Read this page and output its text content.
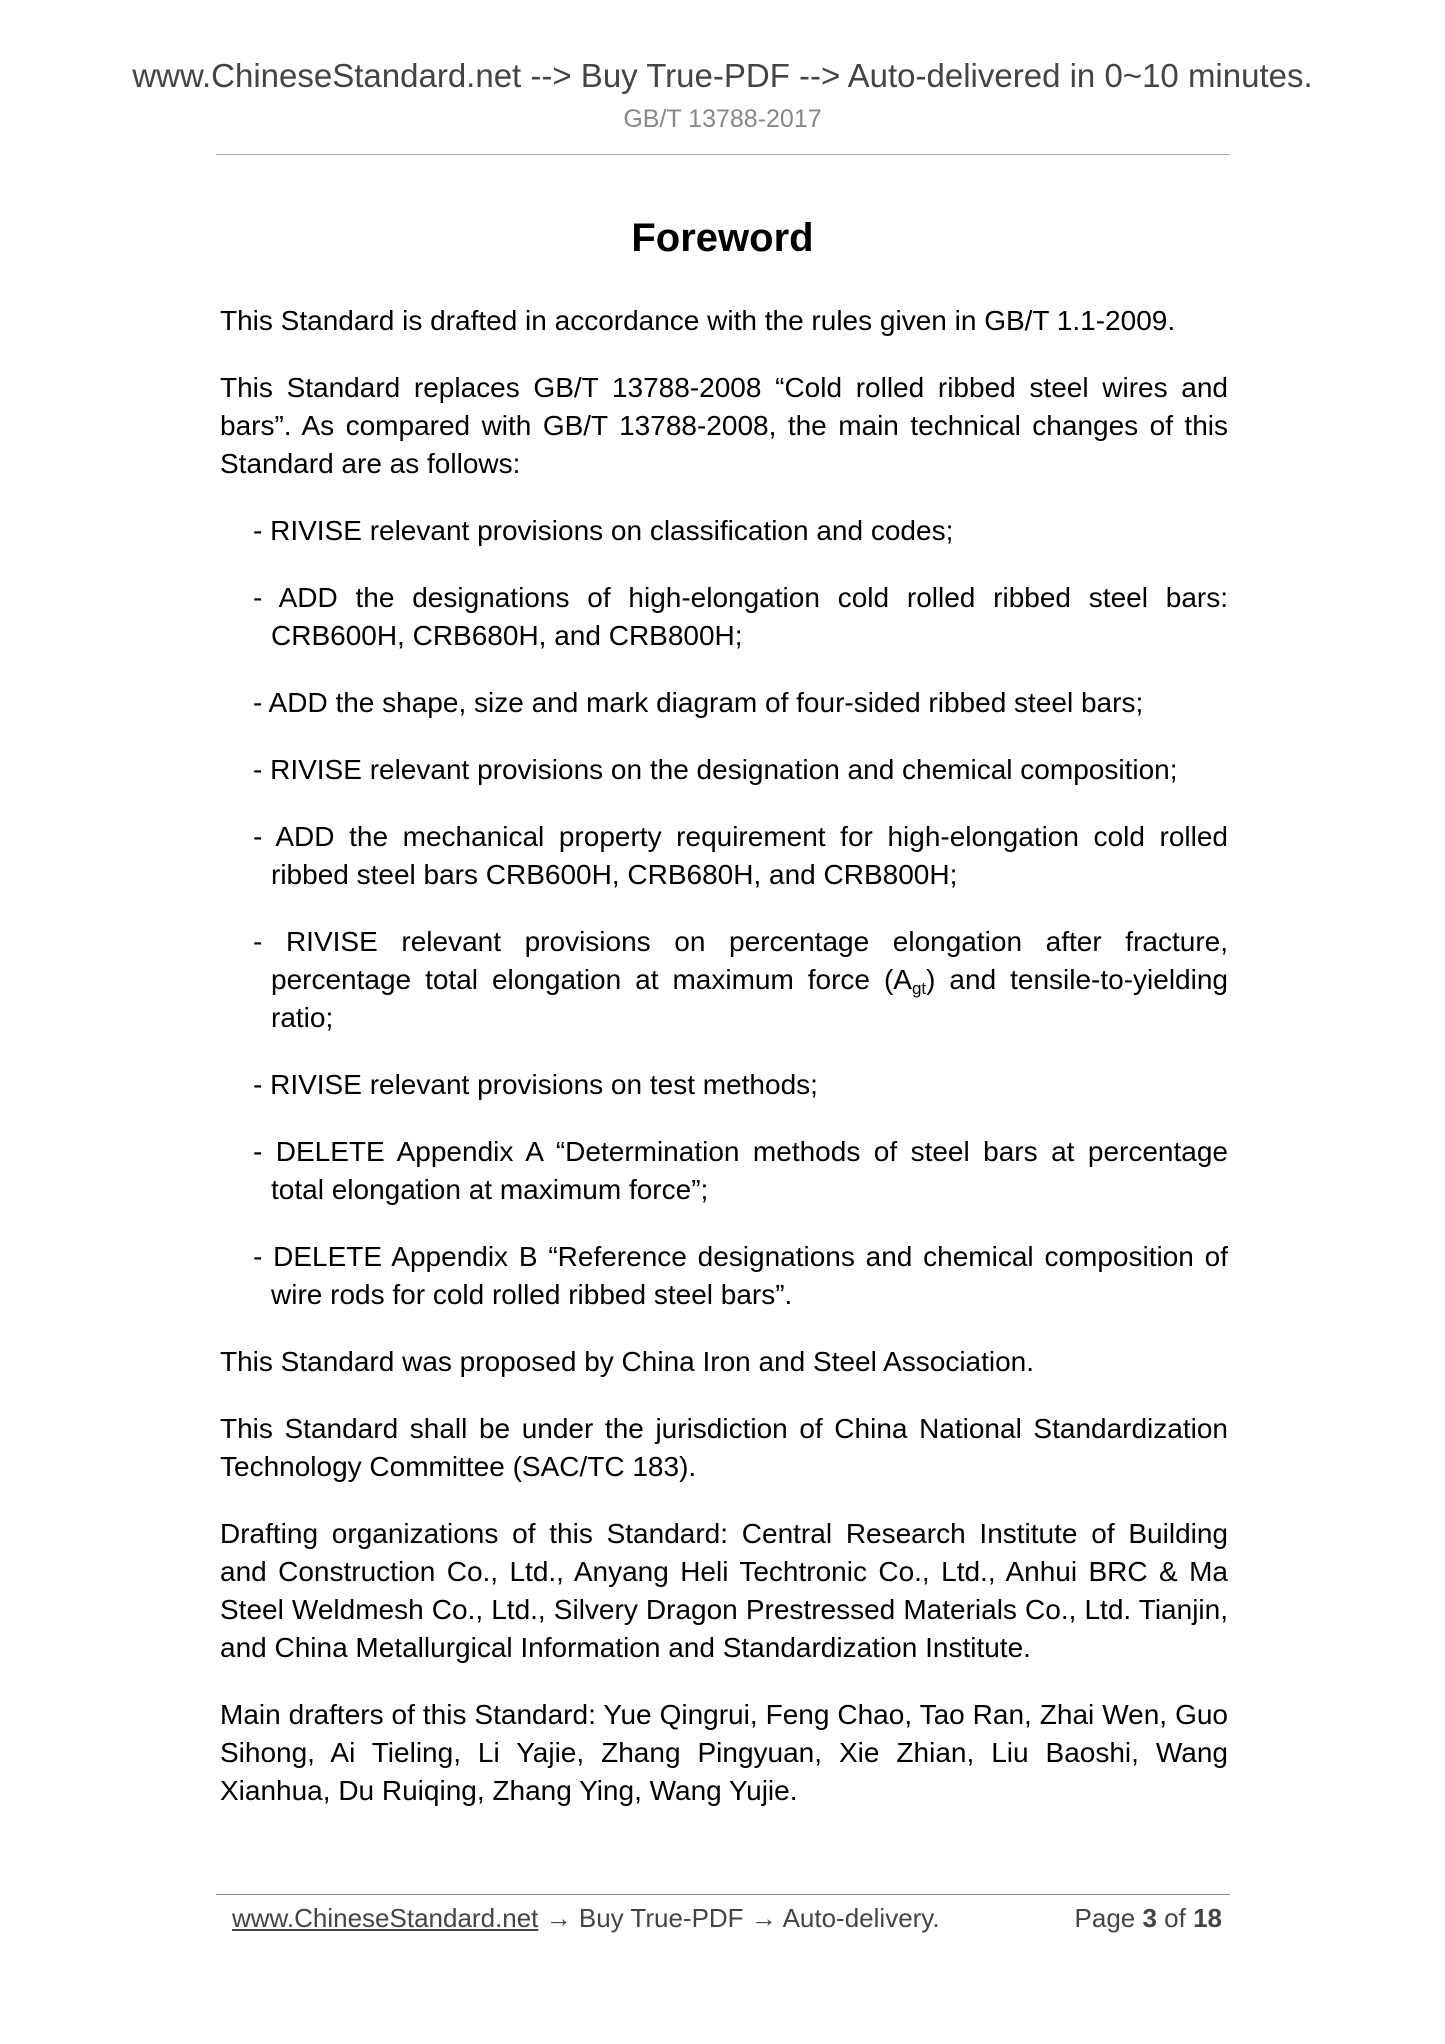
www.ChineseStandard.net --> Buy True-PDF --> Auto-delivered in 0~10 minutes.
GB/T 13788-2017
Foreword

This Standard is drafted in accordance with the rules given in GB/T 1.1-2009.

This Standard replaces GB/T 13788-2008 “Cold rolled ribbed steel wires and bars”. As compared with GB/T 13788-2008, the main technical changes of this Standard are as follows:

- RIVISE relevant provisions on classification and codes;
- ADD the designations of high-elongation cold rolled ribbed steel bars: CRB600H, CRB680H, and CRB800H;
- ADD the shape, size and mark diagram of four-sided ribbed steel bars;
- RIVISE relevant provisions on the designation and chemical composition;
- ADD the mechanical property requirement for high-elongation cold rolled ribbed steel bars CRB600H, CRB680H, and CRB800H;
- RIVISE relevant provisions on percentage elongation after fracture, percentage total elongation at maximum force $(A_{gt})$ and tensile-to-yielding ratio;
- RIVISE relevant provisions on test methods;
- DELETE Appendix A “Determination methods of steel bars at percentage total elongation at maximum force”;
- DELETE Appendix B “Reference designations and chemical composition of wire rods for cold rolled ribbed steel bars”.

This Standard was proposed by China Iron and Steel Association.

This Standard shall be under the jurisdiction of China National Standardization Technology Committee (SAC/TC 183).

Drafting organizations of this Standard: Central Research Institute of Building and Construction Co., Ltd., Anyang Heli Techtronic Co., Ltd., Anhui BRC & Ma Steel Weldmesh Co., Ltd., Silvery Dragon Prestressed Materials Co., Ltd. Tianjin, and China Metallurgical Information and Standardization Institute.

Main drafters of this Standard: Yue Qingrui, Feng Chao, Tao Ran, Zhai Wen, Guo Sihong, Ai Tieling, Li Yajie, Zhang Pingyuan, Xie Zhian, Liu Baoshi, Wang Xianhua, Du Ruiqing, Zhang Ying, Wang Yujie.

www.ChineseStandard.net → Buy True-PDF → Auto-delivery.	Page 3 of 18
